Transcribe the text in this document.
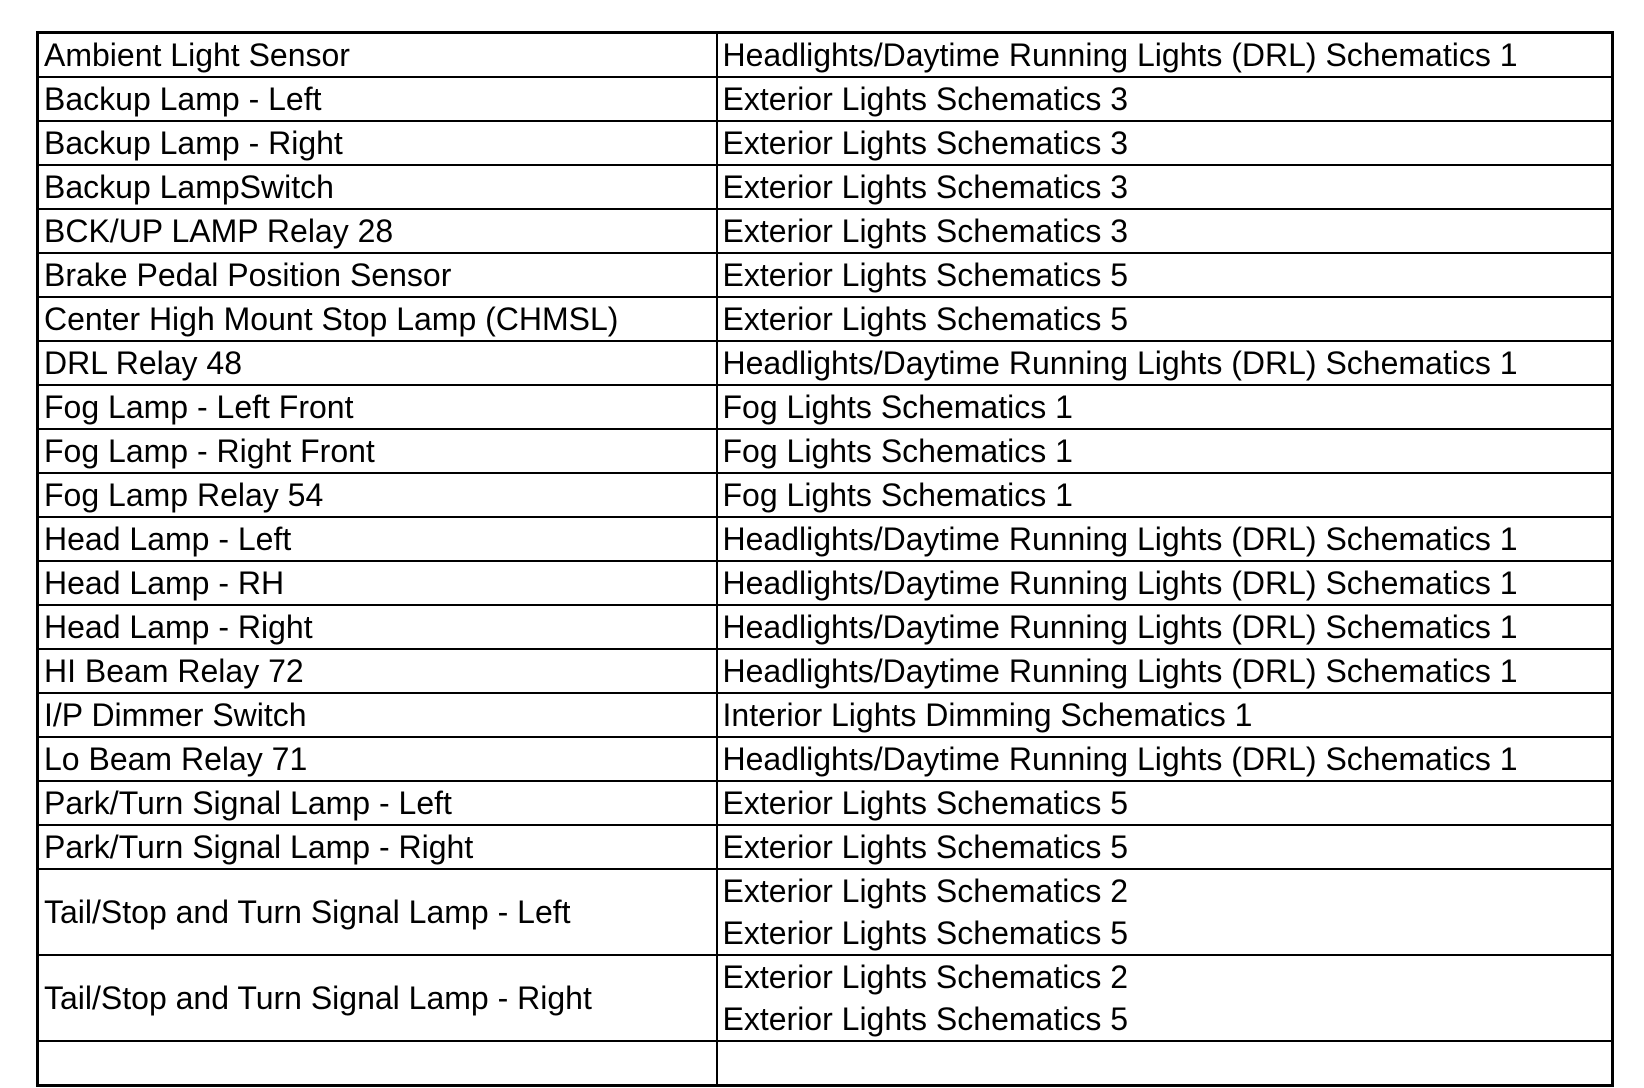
Ambient Light Sensor	Headlights/Daytime Running Lights (DRL) Schematics 1

Backup Lamp - Left	Exterior Lights Schematics 3

Backup Lamp - Right	Exterior Lights Schematics 3

Backup LampSwitch	Exterior Lights Schematics 3

BCK/UP LAMP Relay 28	Exterior Lights Schematics 3

Brake Pedal Position Sensor	Exterior Lights Schematics 5

Center High Mount Stop Lamp (CHMSL)	Exterior Lights Schematics 5

DRL Relay 48	Headlights/Daytime Running Lights (DRL) Schematics 1

Fog Lamp - Left Front	Fog Lights Schematics 1

Fog Lamp - Right Front	Fog Lights Schematics 1

Fog Lamp Relay 54	Fog Lights Schematics 1

Head Lamp - Left	Headlights/Daytime Running Lights (DRL) Schematics 1

Head Lamp - RH	Headlights/Daytime Running Lights (DRL) Schematics 1

Head Lamp - Right	Headlights/Daytime Running Lights (DRL) Schematics 1

HI Beam Relay 72	Headlights/Daytime Running Lights (DRL) Schematics 1

I/P Dimmer Switch	Interior Lights Dimming Schematics 1

Lo Beam Relay 71	Headlights/Daytime Running Lights (DRL) Schematics 1

Park/Turn Signal Lamp - Left	Exterior Lights Schematics 5

Park/Turn Signal Lamp - Right	Exterior Lights Schematics 5

Tail/Stop and Turn Signal Lamp - Left	Exterior Lights Schematics 2
Exterior Lights Schematics 5

Tail/Stop and Turn Signal Lamp - Right	Exterior Lights Schematics 2
Exterior Lights Schematics 5
